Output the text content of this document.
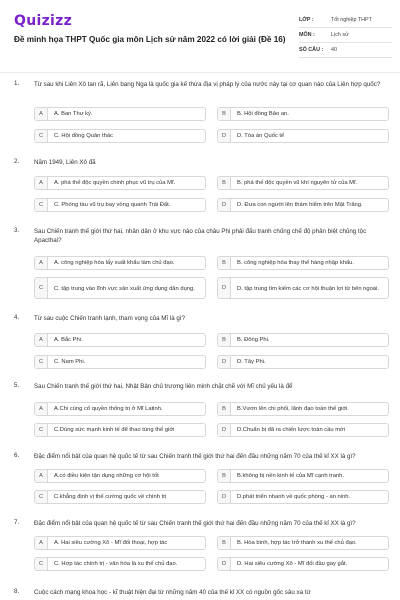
Quizizz
Đề minh họa THPT Quốc gia môn Lịch sử năm 2022 có lời giải (Đề 16)
LỚP :	Tốt nghiệp THPT
MÔN :	Lịch sử
SỐ CÂU :	40
1. Từ sau khi Liên Xô tan rã, Liên bang Nga là quốc gia kế thừa địa vị pháp lý của nước này tại cơ quan nào của Liên hợp quốc?
A	A. Ban Thư ký.	B	B. Hội đồng Bảo an.
C	C. Hội đồng Quản thác	D	D. Tòa án Quốc tế
2. Năm 1949, Liên Xô đã
A	A. phá thế độc quyền chinh phục vũ trụ của Mĩ.	B	B. phá thế độc quyền vũ khí nguyên tử của Mĩ.
C	C. Phóng tàu vũ trụ bay vòng quanh Trái Đất.	D	D. Đưa con người lên thám hiểm trên Mặt Trăng.
3. Sau Chiến tranh thế giới thứ hai, nhân dân ở khu vực nào của châu Phi phải đấu tranh chống chế độ phân biệt chủng tộc Apacthai?
A	A. công nghiệp hóa lấy xuất khẩu làm chủ đạo.	B	B. công nghiệp hóa thay thế hàng nhập khẩu.
C	C. tập trung vào lĩnh vực sản xuất ứng dụng dân dụng.	D	D. tập trung tìm kiếm các cơ hội thuận lợi từ bên ngoài.
4. Từ sau cuộc Chiến tranh lạnh, tham vọng của Mĩ là gì?
A	A. Bắc Phi.	B	B. Đông Phi.
C	C. Nam Phi.	D	D. Tây Phi.
5. Sau Chiến tranh thế giới thứ hai, Nhật Bản chủ trương liên minh chặt chẽ với Mĩ chủ yếu là để
A	A.Chi cùng cố quyền thống trị ở Mĩ Latinh.	B	B.Vươn lên chi phối, lãnh đạo toàn thế giới.
C	C.Dùng sức mạnh kinh tế để thao túng thế giới	D	D.Chuẩn bị đã ra chiến lược toàn cầu mới
6. Đặc điểm nổi bật của quan hệ quốc tế từ sau Chiến tranh thế giới thứ hai đến đầu những năm 70 của thế kỉ XX là gì?
A	A.có điều kiện tận dụng những cơ hội tốt	B	B.không bị nền kinh tế của Mĩ cạnh tranh.
C	C.khẳng định vị thế cường quốc về chính trị	D	D.phát triển nhanh về quốc phòng - an ninh.
7. Đặc điểm nổi bật của quan hệ quốc tế từ sau Chiến tranh thế giới thứ hai đến đầu những năm 70 của thế kỉ XX là gì?
A	A. Hai siêu cường Xô - Mĩ đối thoại, hợp tác	B	B. Hòa bình, hợp tác trở thành xu thế chủ đạo.
C	C. Hợp tác chính trị - văn hóa là xu thế chủ đạo.	D	D. Hai siêu cường Xô - Mĩ đối đầu gay gắt.
8. Cuộc cách mạng khoa học - kĩ thuật hiện đại từ những năm 40 của thế kỉ XX có nguồn gốc sâu xa từ
